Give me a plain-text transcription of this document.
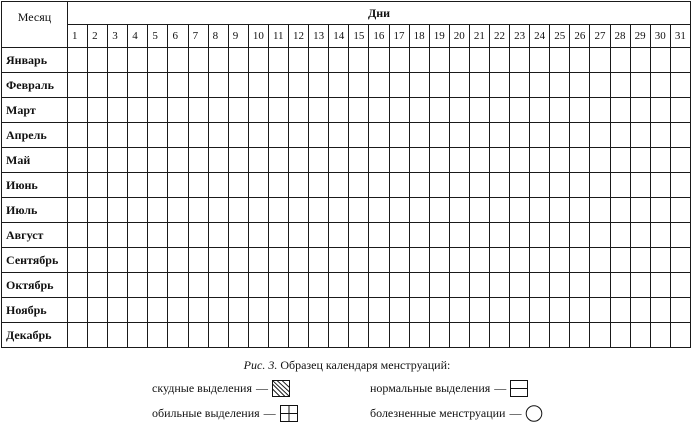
Месяц	Дни																														
	1	2	3	4	5	6	7	8	9	10	11	12	13	14	15	16	17	18	19	20	21	22	23	24	25	26	27	28	29	30	31
Январь																															
Февраль																															
Март																															
Апрель																															
Май																															
Июнь																															
Июль																															
Август																															
Сентябрь																															
Октябрь																															
Ноябрь																															
Декабрь																															
Рис. 3. Образец календаря менструаций:
скудные выделения —	нормальные выделения —
обильные выделения —	болезненные менструации —
